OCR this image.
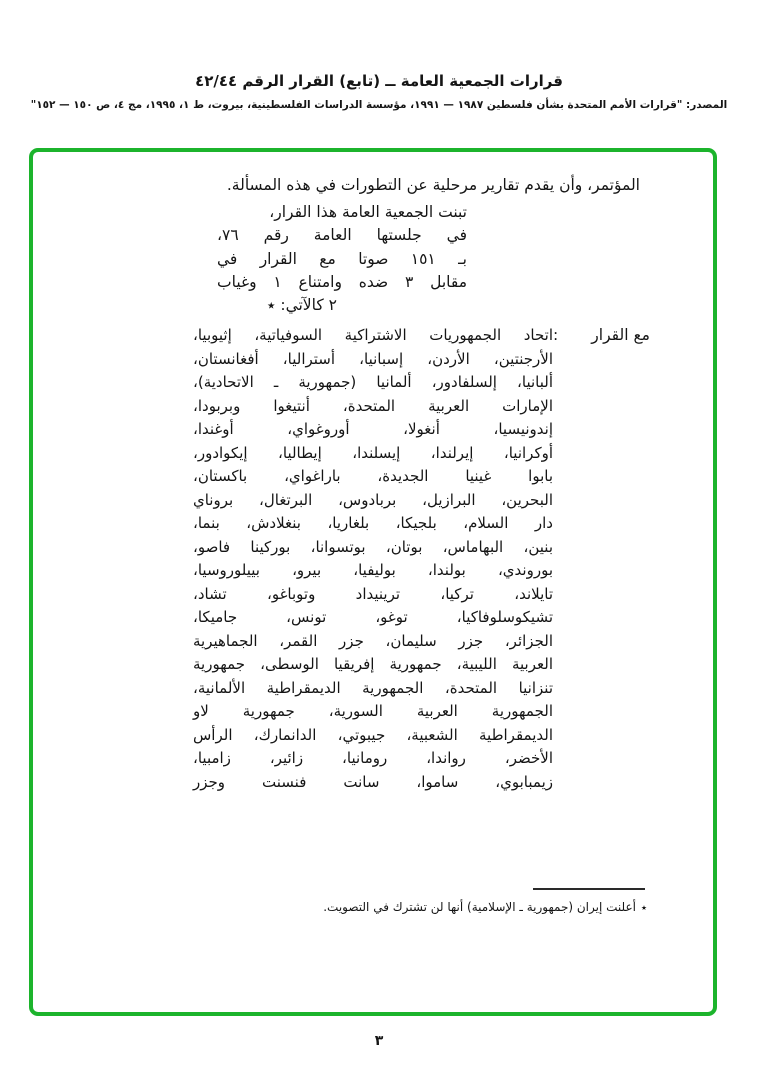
قرارات الجمعية العامة ــ (تابع) القرار الرقم ٤٢/٤٤
المصدر: "قرارات الأمم المتحدة بشأن فلسطين ١٩٨٧ — ١٩٩١، مؤسسة الدراسات الفلسطينية، بيروت، ط ١، ١٩٩٥، مج ٤، ص ١٥٠ — ١٥٢"
المؤتمر، وأن يقدم تقارير مرحلية عن التطورات في هذه المسألة.
تبنت الجمعية العامة هذا القرار،
في جلستها العامة رقم ٧٦،
بـ ١٥١ صوتا مع القرار في
مقابل ٣ ضده وامتناع ١ وغياب
٢ كالآتي: ٭
مع القرار
:
اتحاد الجمهوريات الاشتراكية السوفياتية، إثيوبيا،
الأرجنتين، الأردن، إسبانيا، أستراليا، أفغانستان،
ألبانيا، إلسلفادور، ألمانيا (جمهورية ـ الاتحادية)،
الإمارات العربية المتحدة، أنتيغوا وبربودا،
إندونيسيا، أنغولا، أوروغواي، أوغندا،
أوكرانيا، إيرلندا، إيسلندا، إيطاليا، إيكوادور،
بابوا غينيا الجديدة، باراغواي، باكستان،
البحرين، البرازيل، بربادوس، البرتغال، بروناي
دار السلام، بلجيكا، بلغاريا، بنغلادش، بنما،
بنين، البهاماس، بوتان، بوتسوانا، بوركينا فاصو،
بوروندي، بولندا، بوليفيا، بيرو، بييلوروسيا،
تايلاند، تركيا، ترينيداد وتوباغو، تشاد،
تشيكوسلوفاكيا، توغو، تونس، جاميكا،
الجزائر، جزر سليمان، جزر القمر، الجماهيرية
العربية الليبية، جمهورية إفريقيا الوسطى، جمهورية
تنزانيا المتحدة، الجمهورية الديمقراطية الألمانية،
الجمهورية العربية السورية، جمهورية لاو
الديمقراطية الشعبية، جيبوتي، الدانمارك، الرأس
الأخضر، رواندا، رومانيا، زائير، زامبيا،
زيمبابوي، ساموا، سانت فنسنت وجزر
٭أعلنت إيران (جمهورية ـ الإسلامية) أنها لن تشترك في التصويت.
٣
